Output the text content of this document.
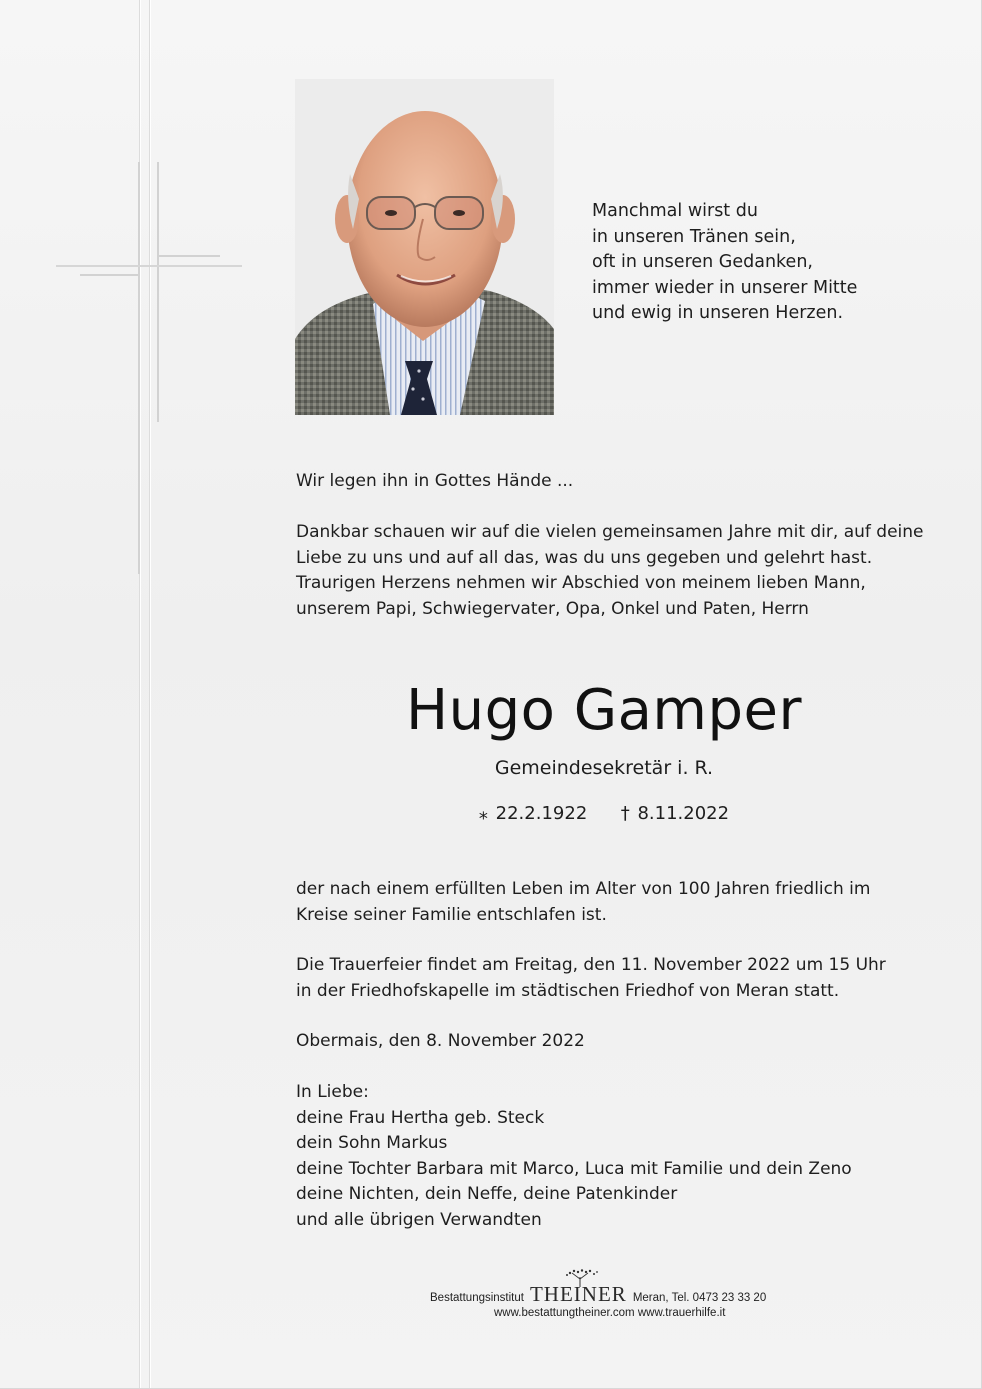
Manchmal wirst du
in unseren Tränen sein,
oft in unseren Gedanken,
immer wieder in unserer Mitte
und ewig in unseren Herzen.
Wir legen ihn in Gottes Hände ...
Dankbar schauen wir auf die vielen gemeinsamen Jahre mit dir, auf deine
Liebe zu uns und auf all das, was du uns gegeben und gelehrt hast.
Traurigen Herzens nehmen wir Abschied von meinem lieben Mann,
unserem Papi, Schwiegervater, Opa, Onkel und Paten, Herrn
Hugo Gamper
Gemeindesekretär i. R.
⁎ 22.2.1922 † 8.11.2022
der nach einem erfüllten Leben im Alter von 100 Jahren friedlich im
Kreise seiner Familie entschlafen ist.
Die Trauerfeier findet am Freitag, den 11. November 2022 um 15 Uhr
in der Friedhofskapelle im städtischen Friedhof von Meran statt.
Obermais, den 8. November 2022
In Liebe:
deine Frau Hertha geb. Steck
dein Sohn Markus
deine Tochter Barbara mit Marco, Luca mit Familie und dein Zeno
deine Nichten, dein Neffe, deine Patenkinder
und alle übrigen Verwandten
Bestattungsinstitut THEINER Meran, Tel. 0473 23 33 20
www.bestattungtheiner.com www.trauerhilfe.it
